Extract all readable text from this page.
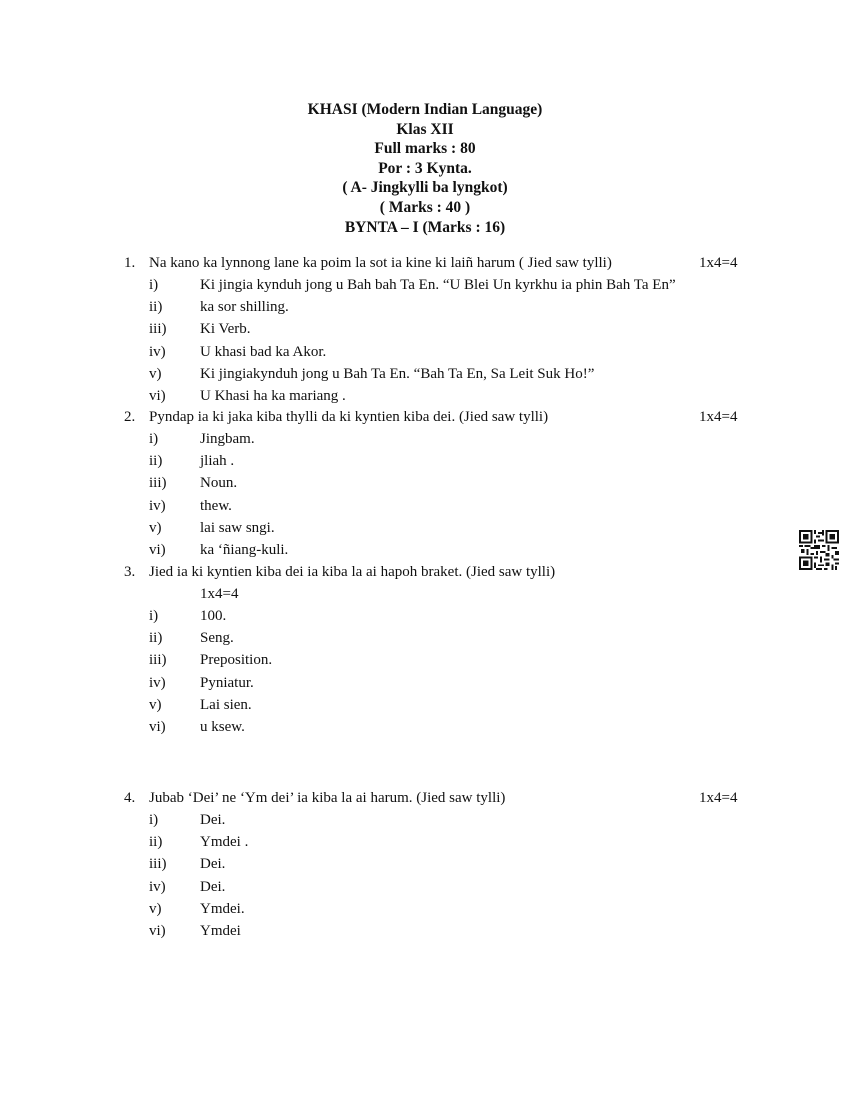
KHASI (Modern Indian Language)
Klas XII
Full marks : 80
Por : 3 Kynta.
( A- Jingkylli ba lyngkot)
( Marks : 40 )
BYNTA – I (Marks : 16)
1. Na kano ka lynnong lane ka poim la sot ia kine ki laiñ harum ( Jied saw tylli)	1x4=4
i)	Ki jingia kynduh jong u Bah bah Ta En. “U Blei Un kyrkhu ia phin Bah Ta En”
ii)	ka sor shilling.
iii) Ki Verb.
iv) U khasi bad ka Akor.
v)	Ki jingiakynduh jong u Bah Ta En. “Bah Ta En, Sa Leit Suk Ho!”
vi) U Khasi ha ka mariang .
2. Pyndap ia ki jaka kiba thylli da ki kyntien kiba dei. (Jied saw tylli)	1x4=4
i)	Jingbam.
ii)	jliah .
iii) Noun.
iv) thew.
v)	lai saw sngi.
vi) ka ‘ñiang-kuli.
3. Jied ia ki kyntien kiba dei ia kiba la ai hapoh braket. (Jied saw tylli)
1x4=4
i)	100.
ii)	Seng.
iii) Preposition.
iv) Pyniatur.
v)	Lai sien.
vi) u ksew.
4. Jubab ‘Dei’ ne ‘Ym dei’ ia kiba la ai harum. (Jied saw tylli)	1x4=4
i)	Dei.
ii)	Ymdei .
iii) Dei.
iv) Dei.
v)	Ymdei.
vi) Ymdei
